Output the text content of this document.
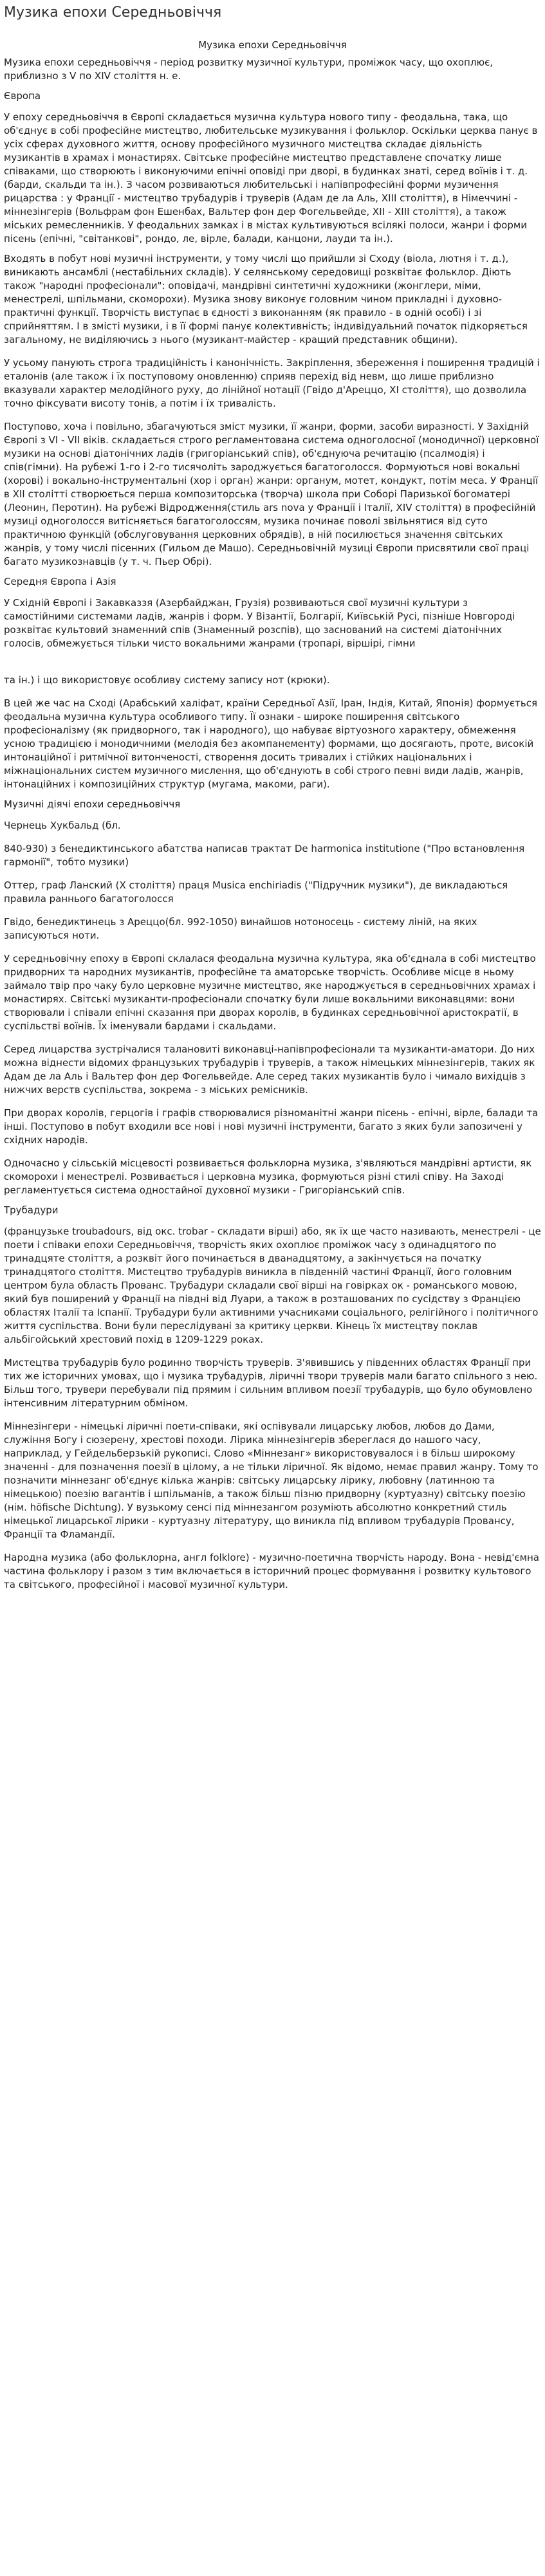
Музика епохи Середньовіччя

Музика епохи Середньовіччя

Музика епохи середньовіччя - період розвитку музичної культури, проміжок часу, що охоплює, приблизно з V по XIV століття н. е.

Європа

У епоху середньовіччя в Європі складається музична культура нового типу - феодальна, така, що об'єднує в собі професійне мистецтво, любительське музикування і фольклор. Оскільки церква панує в усіх сферах духовного життя, основу професійного музичного мистецтва складає діяльність музикантів в храмах і монастирях. Світське професійне мистецтво представлене спочатку лише співаками, що створюють і виконуючими епічні оповіді при дворі, в будинках знаті, серед воїнів і т. д. (барди, скальди та ін.). З часом розвиваються любительські і напівпрофесійні форми музичення рицарства : у Франції - мистецтво трубадурів і труверів (Адам де ла Аль, XIII століття), в Німеччині - міннезінгерів (Вольфрам фон Ешенбах, Вальтер фон дер Фогельвейде, XII - XIII століття), а також міських ремесленників. У феодальних замках і в містах культивуються всілякі полоси, жанри і форми пісень (епічні, "світанкові", рондо, ле, вірле, балади, канцони, лауди та ін.).

Входять в побут нові музичні інструменти, у тому числі що прийшли зі Сходу (віола, лютня і т. д.), виникають ансамблі (нестабільних складів). У селянському середовищі розквітає фольклор. Діють також "народні професіонали": оповідачі, мандрівні синтетичні художники (жонглери, міми, менестрелі, шпільмани, скоморохи). Музика знову виконує головним чином прикладні і духовно-практичні функції. Творчість виступає в єдності з виконанням (як правило - в одній особі) і зі сприйняттям. І в змісті музики, і в її формі панує колективність; індивідуальний початок підкоряється загальному, не виділяючись з нього (музикант-майстер - кращий представник общини).

У усьому панують строга традиційність і канонічність. Закріплення, збереження і поширення традицій і еталонів (але також і їх поступовому оновленню) сприяв перехід від невм, що лише приблизно вказували характер мелодійного руху, до лінійної нотації (Гвідо д'Ареццо, XI століття), що дозволила точно фіксувати висоту тонів, а потім і їх тривалість.

Поступово, хоча і повільно, збагачуються зміст музики, її жанри, форми, засоби виразності. У Західній Європі з VI - VII віків. складається строго регламентована система одноголосної (монодичної) церковної музики на основі діатонічних ладів (григоріанський спів), об'єднуюча речитацію (псалмодія) і спів(гімни). На рубежі 1-го і 2-го тисячоліть зароджується багатоголосся. Формуються нові вокальні (хорові) і вокально-інструментальні (хор і орган) жанри: органум, мотет, кондукт, потім меса. У Франції в XII столітті створюється перша композиторська (творча) школа при Соборі Паризької богоматері (Леонин, Перотин). На рубежі Відродження(стиль ars nova у Франції і Італії, XIV століття) в професійній музиці одноголосся витісняється багатоголоссям, музика починає поволі звільнятися від суто практичною функцій (обслуговування церковних обрядів), в ній посилюється значення світських жанрів, у тому числі пісенних (Гильом де Машо). Середньовічній музиці Європи присвятили свої праці багато музикознавців (у т. ч. Пьер Обрі).

Середня Європа і Азія

У Східній Європі і Закавказзя (Азербайджан, Грузія) розвиваються свої музичні культури з самостійними системами ладів, жанрів і форм. У Візантії, Болгарії, Київській Русі, пізніше Новгороді розквітає культовий знаменний спів (Знаменный розспів), що заснований на системі діатонічних голосів, обмежується тільки чисто вокальними жанрами (тропарі, віршірі, гімни

та ін.) і що використовує особливу систему запису нот (крюки).

В цей же час на Сході (Арабський халіфат, країни Середньої Азії, Іран, Індія, Китай, Японія) формується феодальна музична культура особливого типу. Її ознаки - широке поширення світського професіоналізму (як придворного, так і народного), що набуває віртуозного характеру, обмеження усною традицією і монодичними (мелодія без акомпанементу) формами, що досягають, проте, високій интонаційної і ритмічної витонченості, створення досить тривалих і стійких національних і міжнаціональних систем музичного мислення, що об'єднують в собі строго певні види ладів, жанрів, інтонаційних і композиційних структур (мугама, макоми, раги).

Музичні діячі епохи середньовіччя

Чернець Хукбальд (бл.

840-930) з бенедиктинського абатства написав трактат De harmonica institutione ("Про встановлення гармонії", тобто музики)

Оттер, граф Ланский (X століття) праця Musica enchiriadis ("Підручник музики"), де викладаються правила раннього багатоголосся

Гвідо, бенедиктинець з Ареццо(бл. 992-1050) винайшов нотоносець - систему ліній, на яких записуються ноти.

У середньовічну епоху в Європі склалася феодальна музична культура, яка об'єднала в собі мистецтво придворних та народних музикантів, професійне та аматорське творчість. Особливе місце в ньому займало твір про чаку було церковне музичне мистецтво, яке народжується в середньовічних храмах і монастирях. Світські музиканти-професіонали спочатку були лише вокальними виконавцями: вони створювали і співали епічні сказання при дворах королів, в будинках середньовічної аристократії, в суспільстві воїнів. Їх іменували бардами і скальдами.

Серед лицарства зустрічалися талановиті виконавці-напівпрофесіонали та музиканти-аматори. До них можна віднести відомих французьких трубадурів і труверів, а також німецьких міннезінгерів, таких як Адам де ла Аль і Вальтер фон дер Фогельвейде. Але серед таких музикантів було і чимало вихідців з нижчих верств суспільства, зокрема - з міських ремісників.

При дворах королів, герцогів і графів створювалися різноманітні жанри пісень - епічні, вірле, балади та інші. Поступово в побут входили все нові і нові музичні інструменти, багато з яких були запозичені у східних народів.

Одночасно у сільській місцевості розвивається фольклорна музика, з'являються мандрівні артисти, як скоморохи і менестрелі. Розвивається і церковна музика, формуються різні стилі співу. На Заході регламентується система одностайної духовної музики - Григоріанський спів.

Трубадури

(французьке troubadours, від окс. trobar - складати вірші) або, як їх ще часто називають, менестрелі - це поети і співаки епохи Середньовіччя, творчість яких охоплює проміжок часу з одинадцятого по тринадцяте століття, а розквіт його починається в дванадцятому, а закінчується на початку тринадцятого століття. Мистецтво трубадурів виникла в південній частині Франції, його головним центром була область Прованс. Трубадури складали свої вірші на говірках ок - романського мовою, який був поширений у Франції на півдні від Луари, а також в розташованих по сусідству з Францією областях Італії та Іспанії. Трубадури були активними учасниками соціального, релігійного і політичного життя суспільства. Вони були переслідувані за критику церкви. Кінець їх мистецтву поклав альбігойський хрестовий похід в 1209-1229 роках.

Мистецтва трубадурів було родинно творчість труверів. З'явившись у південних областях Франції при тих же історичних умовах, що і музика трубадурів, ліричні твори труверів мали багато спільного з нею. Більш того, трувери перебували під прямим і сильним впливом поезії трубадурів, що було обумовлено інтенсивним літературним обміном.

Міннезінгери - німецькі ліричні поети-співаки, які оспівували лицарську любов, любов до Дами, служіння Богу і сюзерену, хрестові походи. Лірика міннезінгерів збереглася до нашого часу, наприклад, у Гейдельберзькій рукописі. Слово «Міннезанг» використовувалося і в більш широкому значенні - для позначення поезії в цілому, а не тільки ліричної. Як відомо, немає правил жанру. Тому то позначити міннезанг об'єднує кілька жанрів: світську лицарську лірику, любовну (латинною та німецькою) поезію вагантів і шпільманів, а також більш пізню придворну (куртуазну) світську поезію (нім. höfische Dichtung). У вузькому сенсі під міннезангом розуміють абсолютно конкретний стиль німецької лицарської лірики - куртуазну літературу, що виникла під впливом трубадурів Провансу, Франції та Фламандії.

Народна музика (або фольклорна, англ folklore) - музично-поетична творчість народу. Вона - невід'ємна частина фольклору і разом з тим включається в історичний процес формування і розвитку культового та світського, професійної і масової музичної культури.
